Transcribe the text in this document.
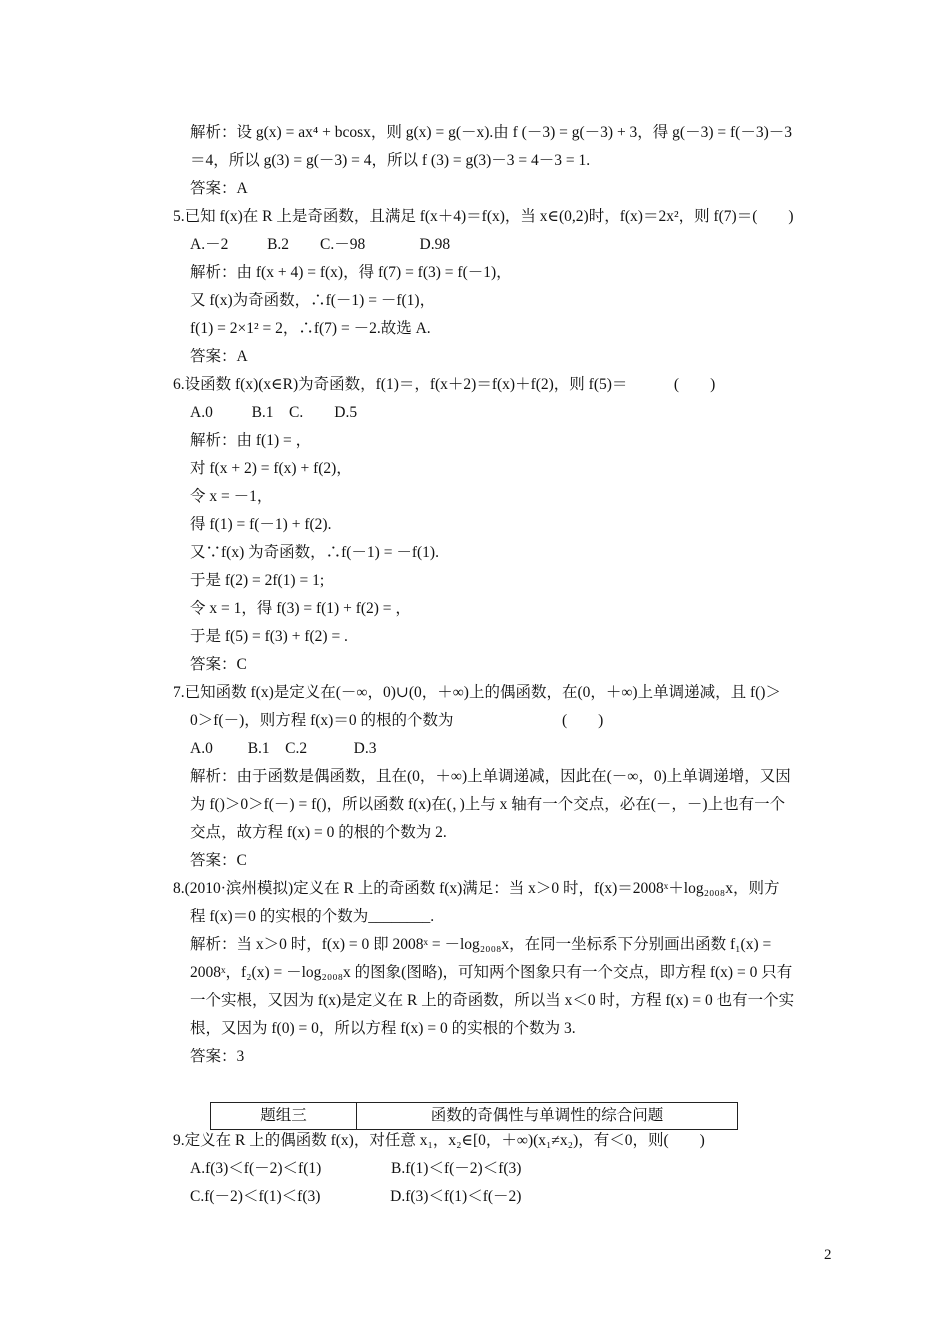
解析：设 g(x) = ax⁴ + bcosx，则 g(x) = g(－x).由 f (－3) = g(－3) + 3，得 g(－3) = f(－3)－3
＝4，所以 g(3) = g(－3) = 4，所以 f (3) = g(3)－3 = 4－3 = 1.
答案：A
5.已知 f(x)在 R 上是奇函数，且满足 f(x＋4)＝f(x)，当 x∈(0,2)时，f(x)＝2x²，则 f(7)＝(　　)
A.－2　　  B.2　　C.－98　　　  D.98
解析：由 f(x + 4) = f(x)，得 f(7) = f(3) = f(－1)，
又 f(x)为奇函数，∴f(－1) = －f(1)，
f(1) = 2×1² = 2，∴f(7) = －2.故选 A.
答案：A
6.设函数 f(x)(x∈R)为奇函数，f(1)＝，f(x＋2)＝f(x)＋f(2)，则 f(5)＝　　　(　　)
A.0　　  B.1　C.　　D.5
解析：由 f(1) = ，
对 f(x + 2) = f(x) + f(2)，
令 x = －1，
得 f(1) = f(－1) + f(2).
又∵f(x) 为奇函数，∴f(－1) = －f(1).
于是 f(2) = 2f(1) = 1;
令 x = 1，得 f(3) = f(1) + f(2) = ，
于是 f(5) = f(3) + f(2) = .
答案：C
7.已知函数 f(x)是定义在(－∞，0)∪(0，＋∞)上的偶函数，在(0，＋∞)上单调递减，且 f()＞
0＞f(－)，则方程 f(x)＝0 的根的个数为　　　　　　　(　　)
A.0　　 B.1　C.2　　　D.3
解析：由于函数是偶函数，且在(0，＋∞)上单调递减，因此在(－∞，0)上单调递增，又因
为 f()＞0＞f(－) = f()，所以函数 f(x)在(，)上与 x 轴有一个交点，必在(－，－)上也有一个
交点，故方程 f(x) = 0 的根的个数为 2.
答案：C
8.(2010·滨州模拟)定义在 R 上的奇函数 f(x)满足：当 x＞0 时，f(x)＝2008ˣ＋log₂₀₀₈x，则方
程 f(x)＝0 的实根的个数为________.
解析：当 x＞0 时，f(x) = 0 即 2008ˣ = －log₂₀₀₈x，在同一坐标系下分别画出函数 f₁(x) =
2008ˣ，f₂(x) = －log₂₀₀₈x 的图象(图略)，可知两个图象只有一个交点，即方程 f(x) = 0 只有
一个实根，又因为 f(x)是定义在 R 上的奇函数，所以当 x＜0 时，方程 f(x) = 0 也有一个实
根，又因为 f(0) = 0，所以方程 f(x) = 0 的实根的个数为 3.
答案：3
9.定义在 R 上的偶函数 f(x)，对任意 x₁，x₂∈[0，＋∞)(x₁≠x₂)，有＜0，则(　　)
A.f(3)＜f(－2)＜f(1)　　　　  B.f(1)＜f(－2)＜f(3)
C.f(－2)＜f(1)＜f(3)　　　　  D.f(3)＜f(1)＜f(－2)
题组三	函数的奇偶性与单调性的综合问题
2
